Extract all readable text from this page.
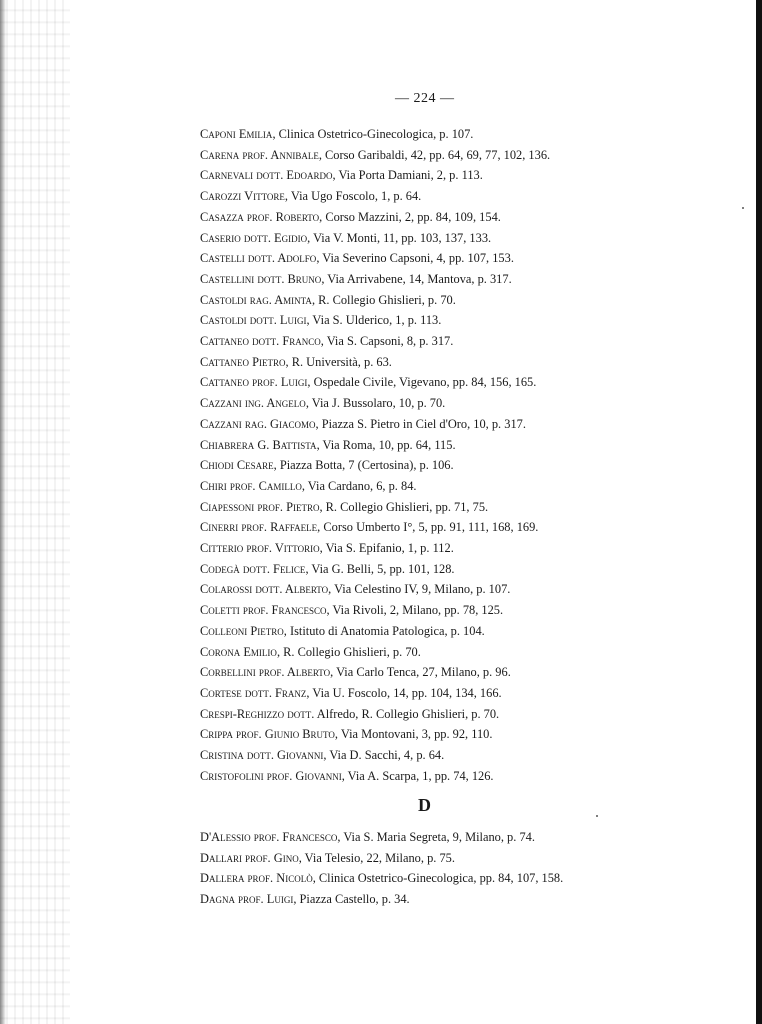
— 224 —
Caponi Emilia, Clinica Ostetrico-Ginecologica, p. 107.
Carena prof. Annibale, Corso Garibaldi, 42, pp. 64, 69, 77, 102, 136.
Carnevali dott. Edoardo, Via Porta Damiani, 2, p. 113.
Carozzi Vittore, Via Ugo Foscolo, 1, p. 64.
Casazza prof. Roberto, Corso Mazzini, 2, pp. 84, 109, 154.
Caserio dott. Egidio, Via V. Monti, 11, pp. 103, 137, 133.
Castelli dott. Adolfo, Via Severino Capsoni, 4, pp. 107, 153.
Castellini dott. Bruno, Via Arrivabene, 14, Mantova, p. 317.
Castoldi rag. Aminta, R. Collegio Ghislieri, p. 70.
Castoldi dott. Luigi, Via S. Ulderico, 1, p. 113.
Cattaneo dott. Franco, Via S. Capsoni, 8, p. 317.
Cattaneo Pietro, R. Università, p. 63.
Cattaneo prof. Luigi, Ospedale Civile, Vigevano, pp. 84, 156, 165.
Cazzani ing. Angelo, Via J. Bussolaro, 10, p. 70.
Cazzani rag. Giacomo, Piazza S. Pietro in Ciel d'Oro, 10, p. 317.
Chiabrera G. Battista, Via Roma, 10, pp. 64, 115.
Chiodi Cesare, Piazza Botta, 7 (Certosina), p. 106.
Chiri prof. Camillo, Via Cardano, 6, p. 84.
Ciapessoni prof. Pietro, R. Collegio Ghislieri, pp. 71, 75.
Cinerri prof. Raffaele, Corso Umberto I°, 5, pp. 91, 111, 168, 169.
Citterio prof. Vittorio, Via S. Epifanio, 1, p. 112.
Codegà dott. Felice, Via G. Belli, 5, pp. 101, 128.
Colarossi dott. Alberto, Via Celestino IV, 9, Milano, p. 107.
Coletti prof. Francesco, Via Rivoli, 2, Milano, pp. 78, 125.
Colleoni Pietro, Istituto di Anatomia Patologica, p. 104.
Corona Emilio, R. Collegio Ghislieri, p. 70.
Corbellini prof. Alberto, Via Carlo Tenca, 27, Milano, p. 96.
Cortese dott. Franz, Via U. Foscolo, 14, pp. 104, 134, 166.
Crespi-Reghizzo dott. Alfredo, R. Collegio Ghislieri, p. 70.
Crippa prof. Giunio Bruto, Via Montovani, 3, pp. 92, 110.
Cristina dott. Giovanni, Via D. Sacchi, 4, p. 64.
Cristofolini prof. Giovanni, Via A. Scarpa, 1, pp. 74, 126.
D
D'Alessio prof. Francesco, Via S. Maria Segreta, 9, Milano, p. 74.
Dallari prof. Gino, Via Telesio, 22, Milano, p. 75.
Dallera prof. Nicolò, Clinica Ostetrico-Ginecologica, pp. 84, 107, 158.
Dagna prof. Luigi, Piazza Castello, p. 34.
